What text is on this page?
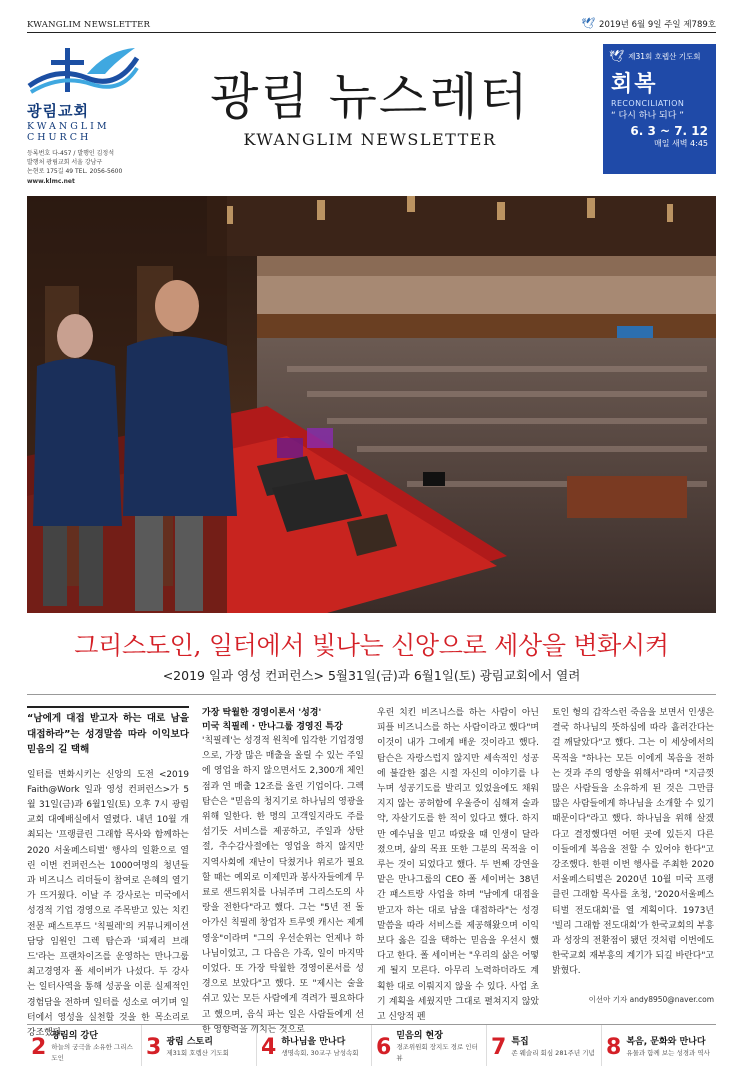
KWANGLIM NEWSLETTER	🕊 2019년 6월 9일 주일 제789호
광림교회
KWANGLIM
CHURCH
등록번호 다-457 / 발행인 김정석
발행처 광림교회 서울 강남구
논현로 175길 49 TEL. 2056-5600
www.klmc.net
광림 뉴스레터
KWANGLIM NEWSLETTER
🕊 제31회 호렙산 기도회
회복
RECONCILIATION
“ 다시 하나 되다 ”
6. 3 ~ 7. 12
매일 새벽 4:45
그리스도인, 일터에서 빛나는 신앙으로 세상을 변화시켜
<2019 일과 영성 컨퍼런스> 5월31일(금)과 6월1일(토) 광림교회에서 열려
“남에게 대접 받고자 하는 대로 남을 대접하라”는 성경말씀 따라 이익보다 믿음의 길 택해

일터를 변화시키는 신앙의 도전 <2019 Faith@Work 일과 영성 컨퍼런스>가 5월 31일(금)과 6월1일(토) 오후 7시 광림교회 대예배실에서 열렸다. 내년 10월 개최되는 '프랭클린 그래함 목사와 함께하는 2020 서울페스티벌' 행사의 일환으로 열린 이번 컨퍼런스는 1000여명의 청년들과 비즈니스 리더들이 참여로 은혜의 열기가 뜨거웠다. 이날 주 강사로는 미국에서 성경적 기업 경영으로 주목받고 있는 치킨전문 패스트푸드 '칙필레'의 커뮤니케이션 담당 임원인 그렉 탐슨과 '피제리 브래드'라는 프랜차이즈를 운영하는 만나그룹 최고경영자 폴 세이버가 나섰다. 두 강사는 일터사역을 통해 성공을 이룬 실제적인 경험담을 전하며 일터를 성소로 여기며 일터에서 영성을 실천할 것을 한 목소리로 강조했다.

가장 탁월한 경영이론서 '성경'
미국 칙필레 · 만나그룹 경영진 특강

'칙필레'는 성경적 원칙에 입각한 기업경영으로, 가장 많은 매출을 올릴 수 있는 주일에 영업을 하지 않으면서도 2,300개 체인점과 연 매출 12조를 올린 기업이다. 그렉 탐슨은 "믿음의 청지기로 하나님의 영광을 위해 일한다. 한 명의 고객일지라도 주를 섬기듯 서비스를 제공하고, 주일과 상탄절, 추수감사절에는 영업을 하지 않지만 지역사회에 재난이 닥쳤거나 위로가 필요할 때는 예외로 이제민과 봉사자들에게 무료로 샌드위치를 나눠주며 그리스도의 사랑을 전한다"라고 했다. 그는 "5년 전 돌아가신 칙필레 창업자 트루엣 캐시는 제게 영웅"이라며 "그의 우선순위는 언제나 하나님이었고, 그 다음은 가족, 일이 마지막이었다. 또 가장 탁월한 경영이론서를 성경으로 보았다"고 했다. 또 "제시는 술을 쉬고 있는 모든 사람에게 격려가 필요하다고 했으며, 음식 파는 일은 사람들에게 선한 영향력을 끼치는 것으로

우린 치킨 비즈니스를 하는 사람이 아닌 피플 비즈니스를 하는 사람이라고 했다"며 이것이 내가 그에게 배운 것이라고 했다. 탐슨은 자랑스럽지 않지만 세속적인 성공에 불갈한 젊은 시절 자신의 이야기를 나누며 성공기도를 발리고 있었을에도 채워지지 않는 공허함에 우울증이 심해져 술과 약, 자살기도를 한 적이 있다고 했다. 하지만 예수님을 믿고 따랐을 때 인생이 달라졌으며, 삶의 목표 또한 그분의 목적을 이루는 것이 되었다고 했다. 두 번째 강연을 맡은 만나그룹의 CEO 폴 세이버는 38년간 패스트랑 사업을 하며 "남에게 대접을 받고자 하는 대로 남을 대접하라"는 성경말씀을 따라 서비스를 제공해왔으며 이익보다 옳은 길을 택하는 믿음을 우선시 했다고 한다. 폴 세이버는 "우리의 삶은 어떻게 될지 모른다. 아무리 노력하더라도 계획한 대로 이뤄지지 않을 수 있다. 사업 초기 계획을 세웠지만 그대로 펼쳐지지 않았고 신앙적 펜

토인 형의 갑작스런 죽음을 보면서 인생은 결국 하나님의 뜻하심에 따라 흘러간다는 걸 깨달았다"고 했다. 그는 이 세상에서의 목적을 "하나는 모든 이에게 복음을 전하는 것과 주의 영향을 위해서"라며 "지금껏 많은 사람들을 소유하게 된 것은 그만큼 많은 사람들에게 하나님을 소개할 수 있기 때문이다"라고 했다. 하나님을 위해 살겠다고 결정했다면 어떤 곳에 있든지 다른 이들에게 복음을 전할 수 있어야 한다"고 강조했다. 한편 이번 행사를 주최한 2020서울페스티벌은 2020년 10월 미국 프랭클린 그래함 목사를 초청, '2020서울페스티벌 전도대회'를 열 계획이다. 1973년 '빌리 그래함 전도대회'가 한국교회의 부흥과 성장의 전환점이 됐던 것처럼 이번에도 한국교회 재부흥의 계기가 되길 바란다"고 밝혔다.

이선아 기자 andy8950@naver.com
2 광림의 강단
하늘의 궁극을 소유한 그리스도인	3 광림 스토리
제31회 호렙산 기도회 4 하나님을 만나다
생명속회, 30교구 남성속회 6 믿음의 현장
경조위원회 장지도 경로 인터뷰	7 특집
존 웨슬리 회심 281주년 기념 8 복음, 문화와 만나다
유물과 함께 보는 성경과 역사
